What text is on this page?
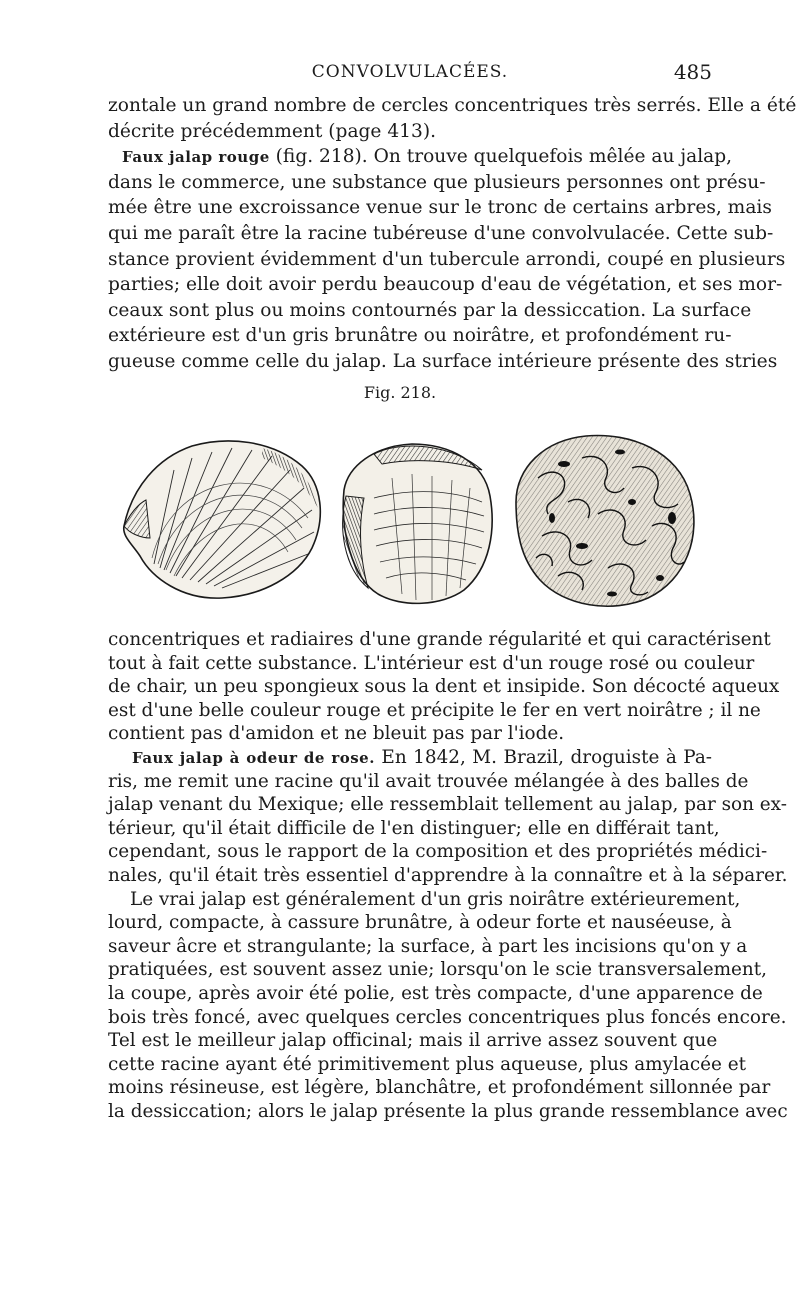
CONVOLVULACÉES.	485
zontale un grand nombre de cercles concentriques très serrés. Elle a été
décrite précédemment (page 413).
Faux jalap rouge (fig. 218). On trouve quelquefois mêlée au jalap,
dans le commerce, une substance que plusieurs personnes ont présu-
mée être une excroissance venue sur le tronc de certains arbres, mais
qui me paraît être la racine tubéreuse d'une convolvulacée. Cette sub-
stance provient évidemment d'un tubercule arrondi, coupé en plusieurs
parties; elle doit avoir perdu beaucoup d'eau de végétation, et ses mor-
ceaux sont plus ou moins contournés par la dessiccation. La surface
extérieure est d'un gris brunâtre ou noirâtre, et profondément ru-
gueuse comme celle du jalap. La surface intérieure présente des stries
Fig. 218.
concentriques et radiaires d'une grande régularité et qui caractérisent
tout à fait cette substance. L'intérieur est d'un rouge rosé ou couleur
de chair, un peu spongieux sous la dent et insipide. Son décocté aqueux
est d'une belle couleur rouge et précipite le fer en vert noirâtre ; il ne
contient pas d'amidon et ne bleuit pas par l'iode.
Faux jalap à odeur de rose. En 1842, M. Brazil, droguiste à Pa-
ris, me remit une racine qu'il avait trouvée mélangée à des balles de
jalap venant du Mexique; elle ressemblait tellement au jalap, par son ex-
térieur, qu'il était difficile de l'en distinguer; elle en différait tant,
cependant, sous le rapport de la composition et des propriétés médici-
nales, qu'il était très essentiel d'apprendre à la connaître et à la séparer.
Le vrai jalap est généralement d'un gris noirâtre extérieurement,
lourd, compacte, à cassure brunâtre, à odeur forte et nauséeuse, à
saveur âcre et strangulante; la surface, à part les incisions qu'on y a
pratiquées, est souvent assez unie; lorsqu'on le scie transversalement,
la coupe, après avoir été polie, est très compacte, d'une apparence de
bois très foncé, avec quelques cercles concentriques plus foncés encore.
Tel est le meilleur jalap officinal; mais il arrive assez souvent que
cette racine ayant été primitivement plus aqueuse, plus amylacée et
moins résineuse, est légère, blanchâtre, et profondément sillonnée par
la dessiccation; alors le jalap présente la plus grande ressemblance avec
